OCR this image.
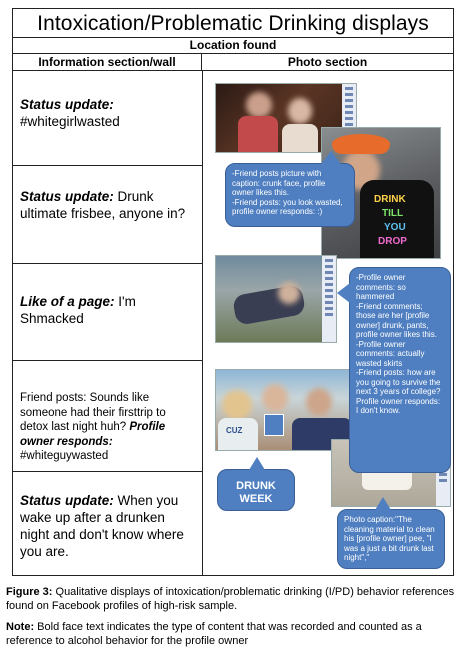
Intoxication/Problematic Drinking displays
Location found
Information section/wall	Photo section
Status update:
#whitegirlwasted
Status update: Drunk ultimate frisbee, anyone in?
Like of a page: I'm Shmacked
Friend posts: Sounds like someone had their firsttrip to detox last night huh? Profile owner responds:
#whiteguywasted
Status update: When you wake up after a drunken night and don't know where you are.
DRINK
TILL
YOU
DROP
CUZ
-Friend posts picture with caption: crunk face, profile owner likes this.
-Friend posts: you look wasted, profile owner responds: :)
-Profile owner comments: so hammered
-Friend comments; those are her [profile owner] drunk, pants, profile owner likes this.
-Profile owner comments: actually wasted skirts
-Friend posts: how are you going to survive the next 3 years of college? Profile owner responds: I don't know.
DRUNK WEEK
Photo caption:"The cleaning material to clean his [profile owner] pee, "I was a just a bit drunk last night","
Figure 3: Qualitative displays of intoxication/problematic drinking (I/PD) behavior references found on Facebook profiles of high-risk sample.
Note: Bold face text indicates the type of content that was recorded and counted as a reference to alcohol behavior for the profile owner
